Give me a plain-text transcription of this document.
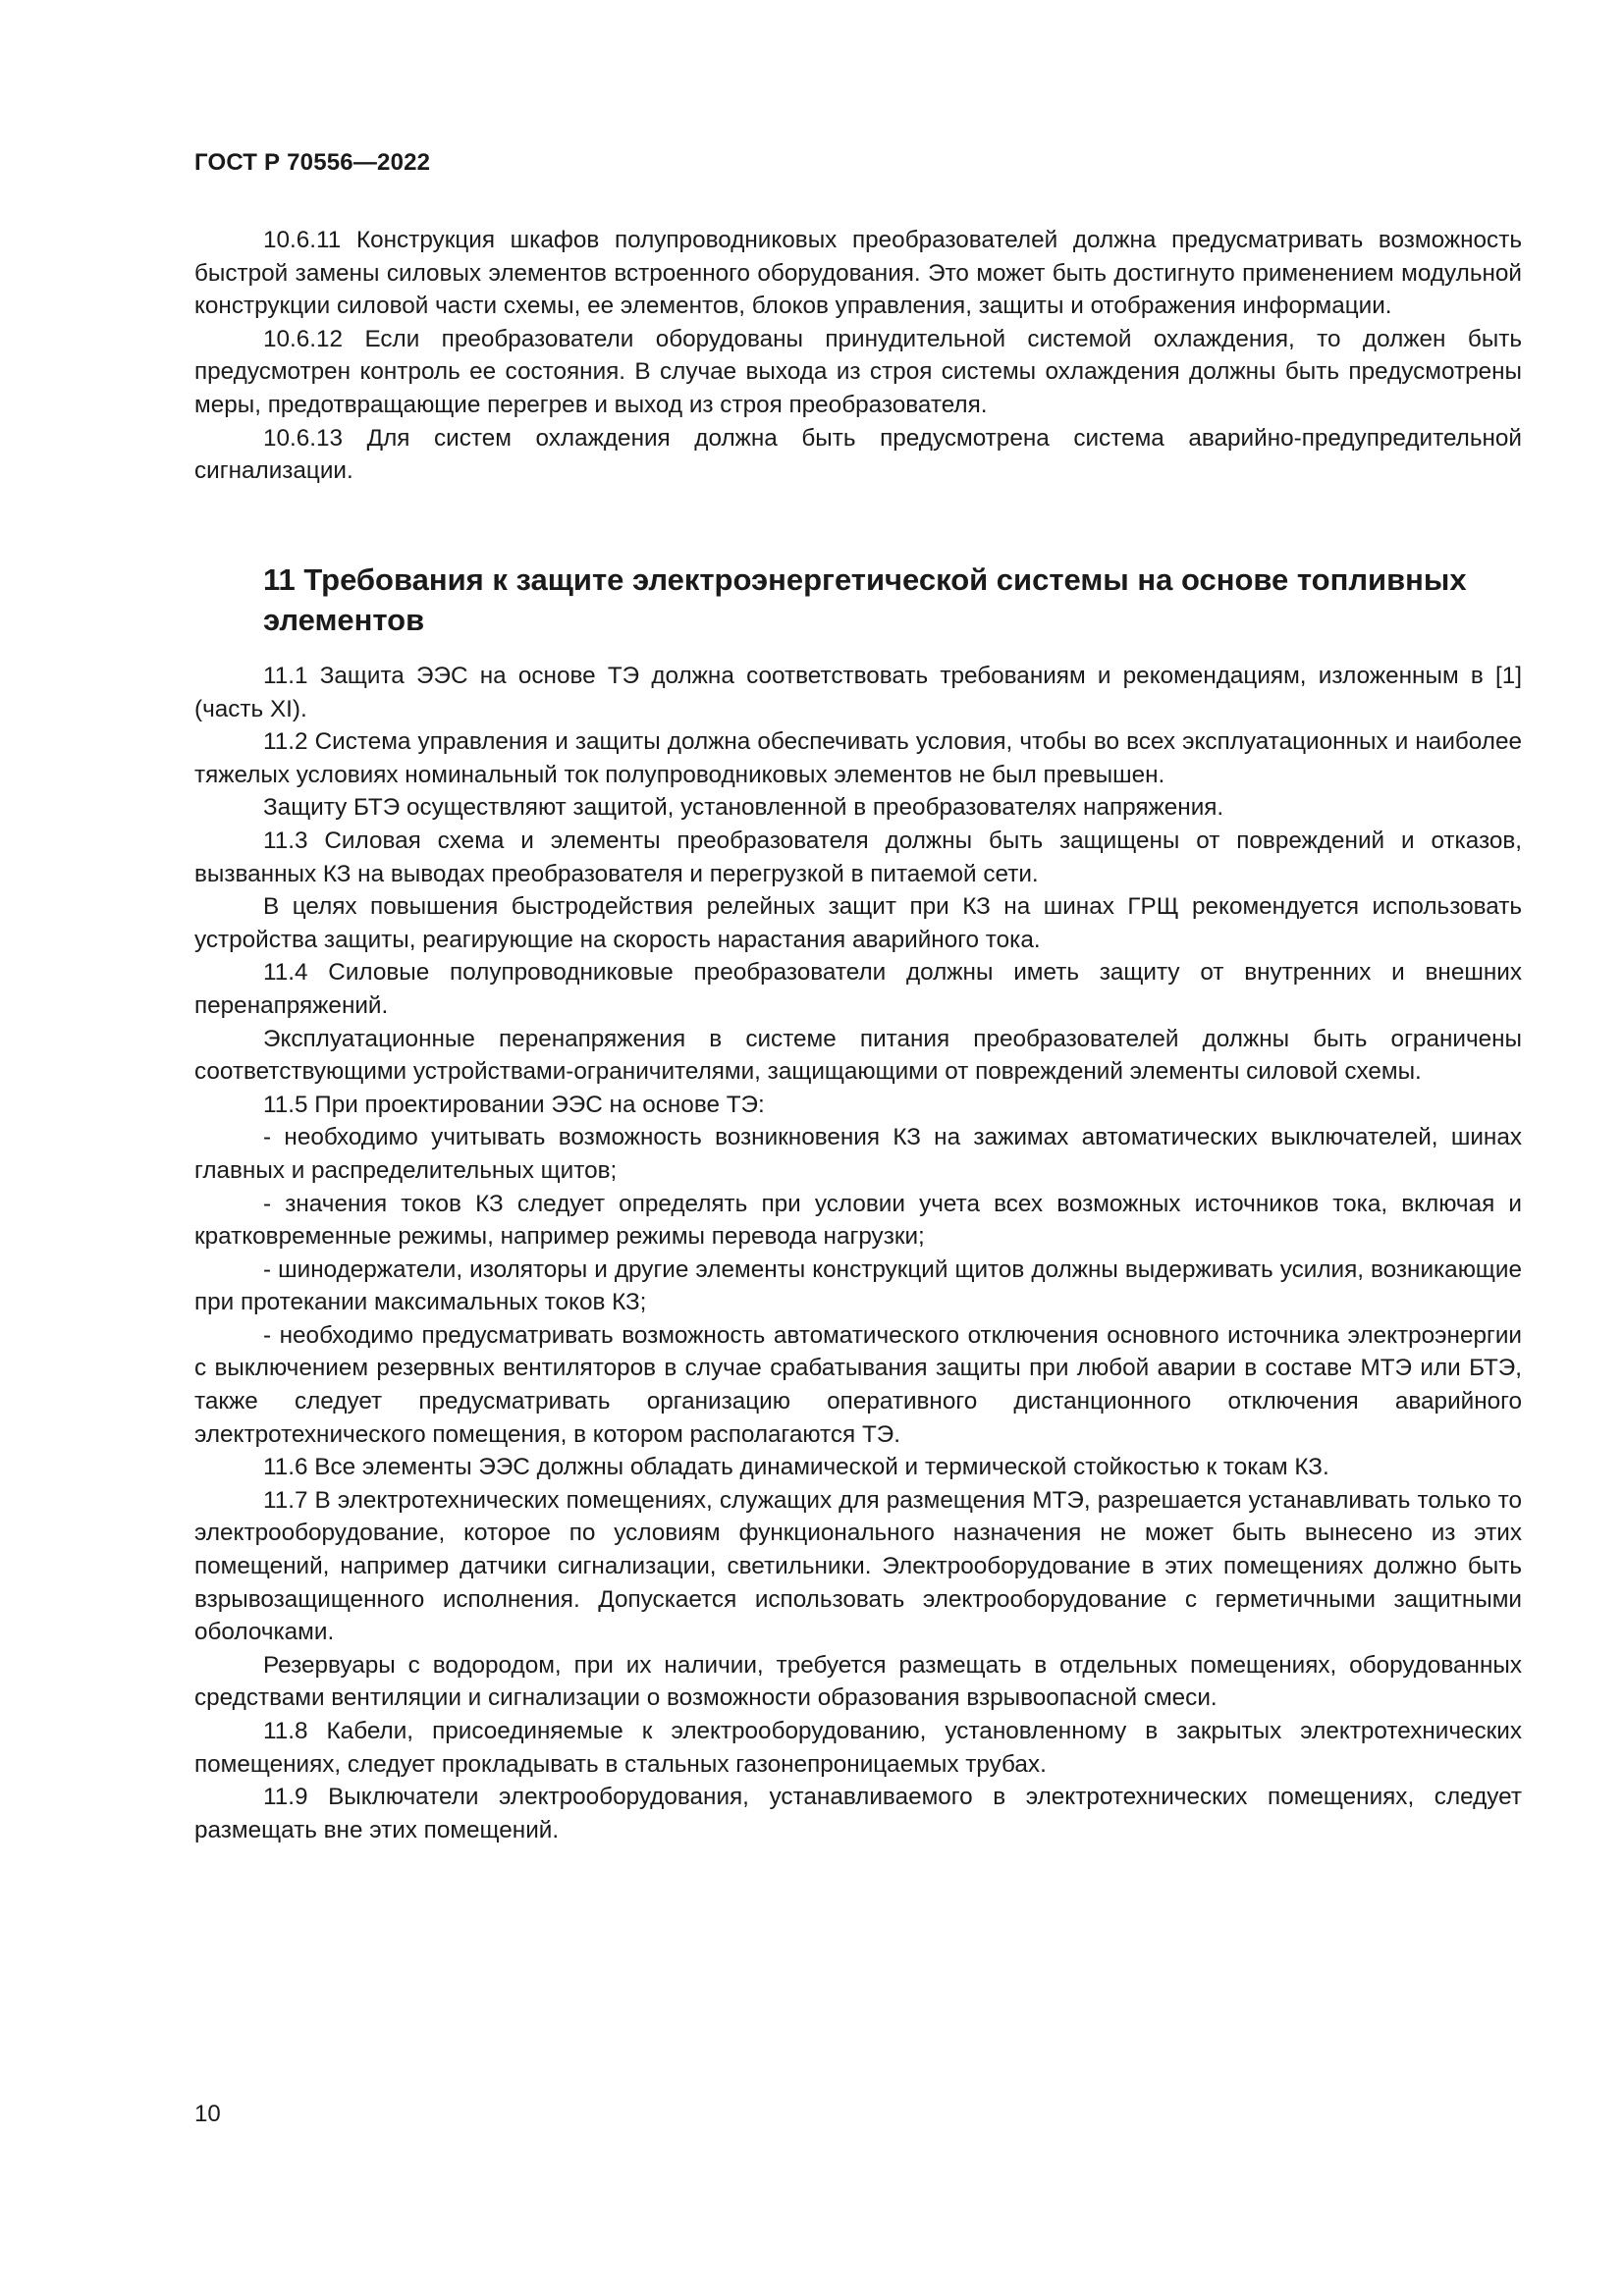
ГОСТ Р 70556—2022

10.6.11 Конструкция шкафов полупроводниковых преобразователей должна предусматривать возможность быстрой замены силовых элементов встроенного оборудования. Это может быть достигнуто применением модульной конструкции силовой части схемы, ее элементов, блоков управления, защиты и отображения информации.

10.6.12 Если преобразователи оборудованы принудительной системой охлаждения, то должен быть предусмотрен контроль ее состояния. В случае выхода из строя системы охлаждения должны быть предусмотрены меры, предотвращающие перегрев и выход из строя преобразователя.

10.6.13 Для систем охлаждения должна быть предусмотрена система аварийно-предупредительной сигнализации.

11 Требования к защите электроэнергетической системы на основе топливных элементов

11.1 Защита ЭЭС на основе ТЭ должна соответствовать требованиям и рекомендациям, изложенным в [1] (часть XI).

11.2 Система управления и защиты должна обеспечивать условия, чтобы во всех эксплуатационных и наиболее тяжелых условиях номинальный ток полупроводниковых элементов не был превышен.

Защиту БТЭ осуществляют защитой, установленной в преобразователях напряжения.

11.3 Силовая схема и элементы преобразователя должны быть защищены от повреждений и отказов, вызванных КЗ на выводах преобразователя и перегрузкой в питаемой сети.

В целях повышения быстродействия релейных защит при КЗ на шинах ГРЩ рекомендуется использовать устройства защиты, реагирующие на скорость нарастания аварийного тока.

11.4 Силовые полупроводниковые преобразователи должны иметь защиту от внутренних и внешних перенапряжений.

Эксплуатационные перенапряжения в системе питания преобразователей должны быть ограничены соответствующими устройствами-ограничителями, защищающими от повреждений элементы силовой схемы.

11.5 При проектировании ЭЭС на основе ТЭ:

- необходимо учитывать возможность возникновения КЗ на зажимах автоматических выключателей, шинах главных и распределительных щитов;

- значения токов КЗ следует определять при условии учета всех возможных источников тока, включая и кратковременные режимы, например режимы перевода нагрузки;

- шинодержатели, изоляторы и другие элементы конструкций щитов должны выдерживать усилия, возникающие при протекании максимальных токов КЗ;

- необходимо предусматривать возможность автоматического отключения основного источника электроэнергии с выключением резервных вентиляторов в случае срабатывания защиты при любой аварии в составе МТЭ или БТЭ, также следует предусматривать организацию оперативного дистанционного отключения аварийного электротехнического помещения, в котором располагаются ТЭ.

11.6 Все элементы ЭЭС должны обладать динамической и термической стойкостью к токам КЗ.

11.7 В электротехнических помещениях, служащих для размещения МТЭ, разрешается устанавливать только то электрооборудование, которое по условиям функционального назначения не может быть вынесено из этих помещений, например датчики сигнализации, светильники. Электрооборудование в этих помещениях должно быть взрывозащищенного исполнения. Допускается использовать электрооборудование с герметичными защитными оболочками.

Резервуары с водородом, при их наличии, требуется размещать в отдельных помещениях, оборудованных средствами вентиляции и сигнализации о возможности образования взрывоопасной смеси.

11.8 Кабели, присоединяемые к электрооборудованию, установленному в закрытых электротехнических помещениях, следует прокладывать в стальных газонепроницаемых трубах.

11.9 Выключатели электрооборудования, устанавливаемого в электротехнических помещениях, следует размещать вне этих помещений.

10
